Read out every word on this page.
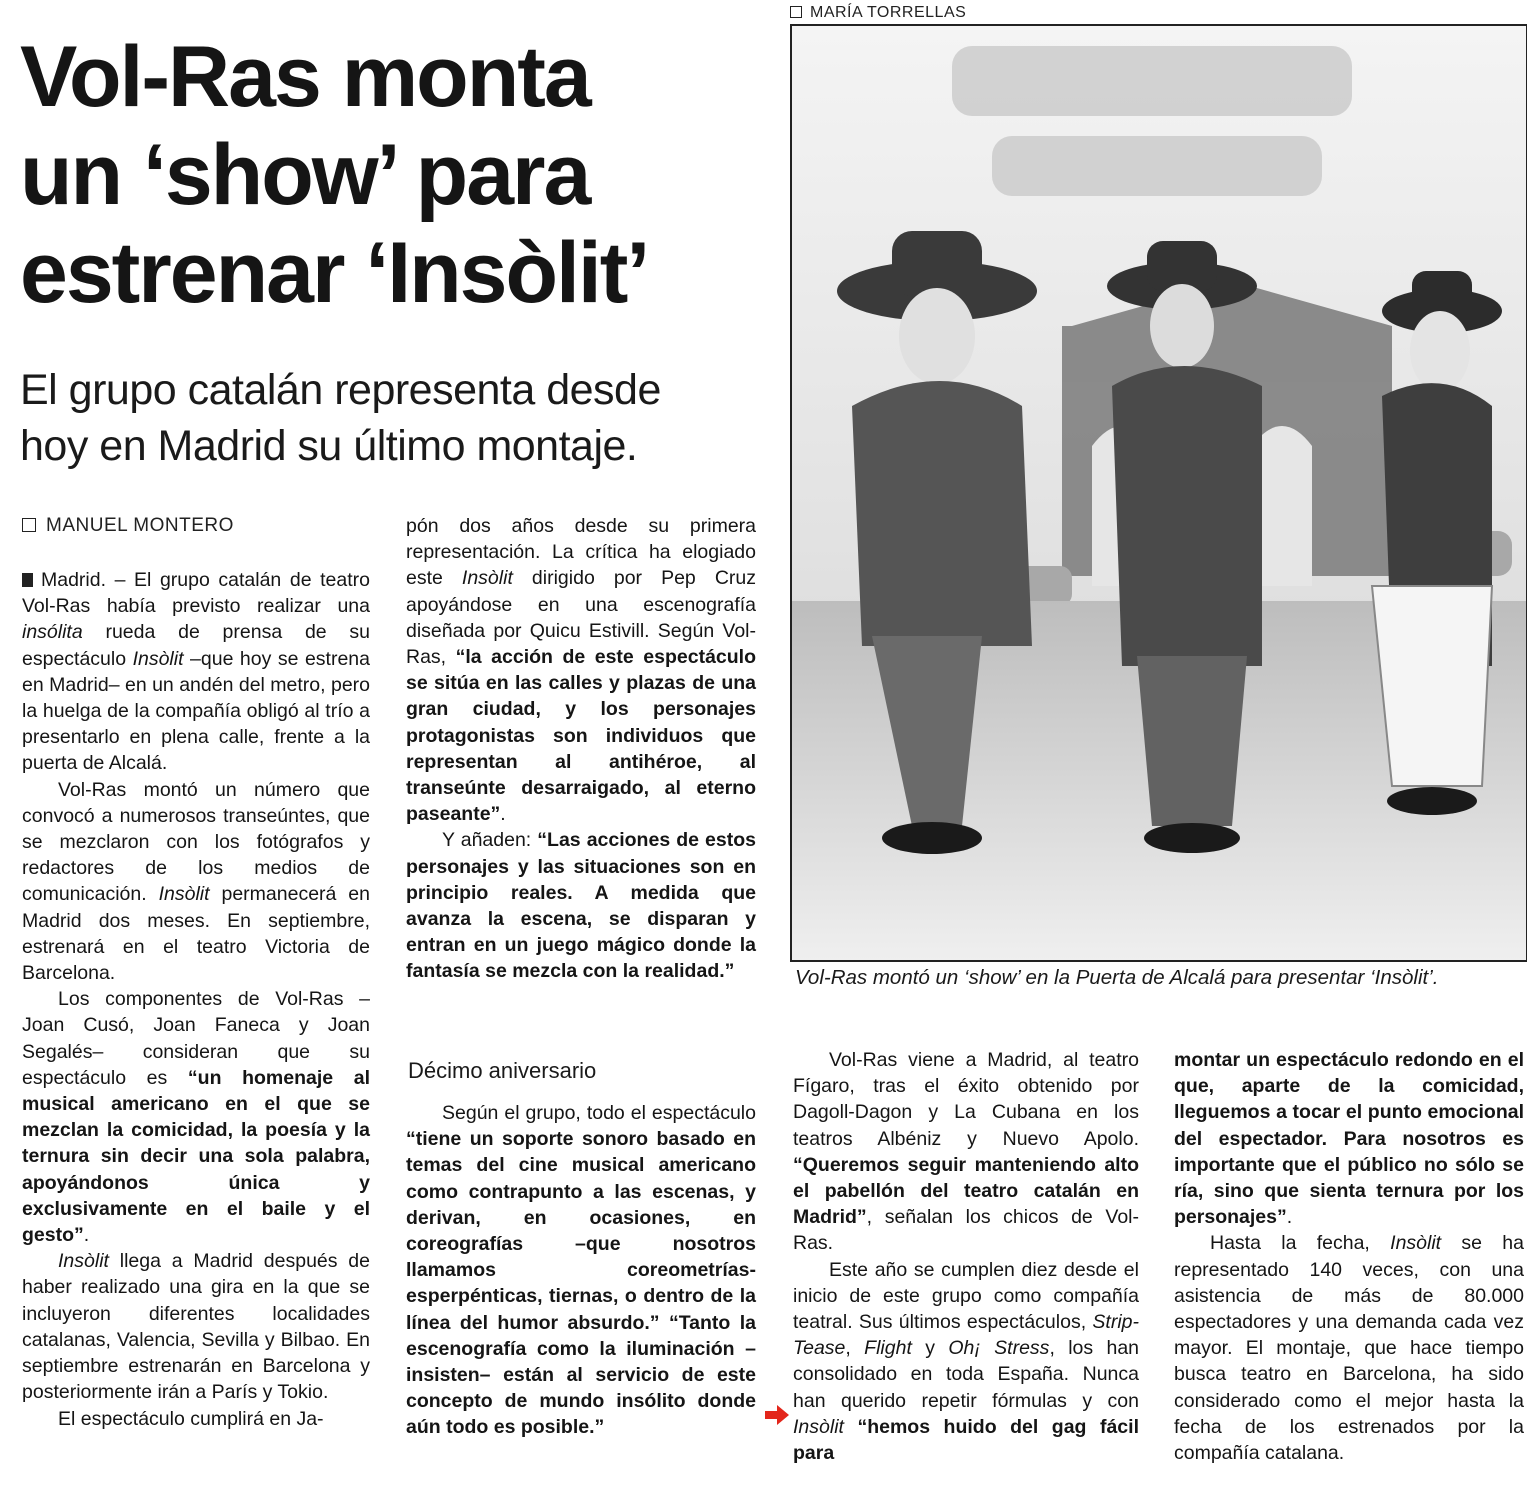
Vol-Ras monta
un ‘show’ para
estrenar ‘Insòlit’
El grupo catalán representa desde
hoy en Madrid su último montaje.
MANUEL MONTERO

Madrid. – El grupo catalán de teatro Vol-Ras había previsto realizar una insólita rueda de prensa de su espectáculo Insòlit –que hoy se estrena en Madrid– en un andén del metro, pero la huelga de la compañía obligó al trío a presentarlo en plena calle, frente a la puerta de Alcalá.

Vol-Ras montó un número que convocó a numerosos transeúntes, que se mezclaron con los fotógrafos y redactores de los medios de comunicación. Insòlit permanecerá en Madrid dos meses. En septiembre, estrenará en el teatro Victoria de Barcelona.

Los componentes de Vol-Ras –Joan Cusó, Joan Faneca y Joan Segalés– consideran que su espectáculo es “un homenaje al musical americano en el que se mezclan la comicidad, la poesía y la ternura sin decir una sola palabra, apoyándonos única y exclusivamente en el baile y el gesto”.

Insòlit llega a Madrid después de haber realizado una gira en la que se incluyeron diferentes localidades catalanas, Valencia, Sevilla y Bilbao. En septiembre estrenarán en Barcelona y posteriormente irán a París y Tokio.

El espectáculo cumplirá en Ja-

pón dos años desde su primera representación. La crítica ha elogiado este Insòlit dirigido por Pep Cruz apoyándose en una escenografía diseñada por Quicu Estivill. Según Vol-Ras, “la acción de este espectáculo se sitúa en las calles y plazas de una gran ciudad, y los personajes protagonistas son individuos que representan al antihéroe, al transeúnte desarraigado, al eterno paseante”.

Y añaden: “Las acciones de estos personajes y las situaciones son en principio reales. A medida que avanza la escena, se disparan y entran en un juego mágico donde la fantasía se mezcla con la realidad.”

Décimo aniversario

Según el grupo, todo el espectáculo “tiene un soporte sonoro basado en temas del cine musical americano como contrapunto a las escenas, y derivan, en ocasiones, en coreografías –que nosotros llamamos coreometrías-esperpénticas, tiernas, o dentro de la línea del humor absurdo.” “Tanto la escenografía como la iluminación –insisten– están al servicio de este concepto de mundo insólito donde aún todo es posible.”

MARÍA TORRELLAS
Vol-Ras montó un ‘show’ en la Puerta de Alcalá para presentar ‘Insòlit’.

Vol-Ras viene a Madrid, al teatro Fígaro, tras el éxito obtenido por Dagoll-Dagon y La Cubana en los teatros Albéniz y Nuevo Apolo. “Queremos seguir manteniendo alto el pabellón del teatro catalán en Madrid”, señalan los chicos de Vol-Ras.

Este año se cumplen diez desde el inicio de este grupo como compañía teatral. Sus últimos espectáculos, Strip-Tease, Flight y Oh¡ Stress, los han consolidado en toda España. Nunca han querido repetir fórmulas y con Insòlit “hemos huido del gag fácil para

montar un espectáculo redondo en el que, aparte de la comicidad, lleguemos a tocar el punto emocional del espectador. Para nosotros es importante que el público no sólo se ría, sino que sienta ternura por los personajes”.

Hasta la fecha, Insòlit se ha representado 140 veces, con una asistencia de más de 80.000 espectadores y una demanda cada vez mayor. El montaje, que hace tiempo busca teatro en Barcelona, ha sido considerado como el mejor hasta la fecha de los estrenados por la compañía catalana.
